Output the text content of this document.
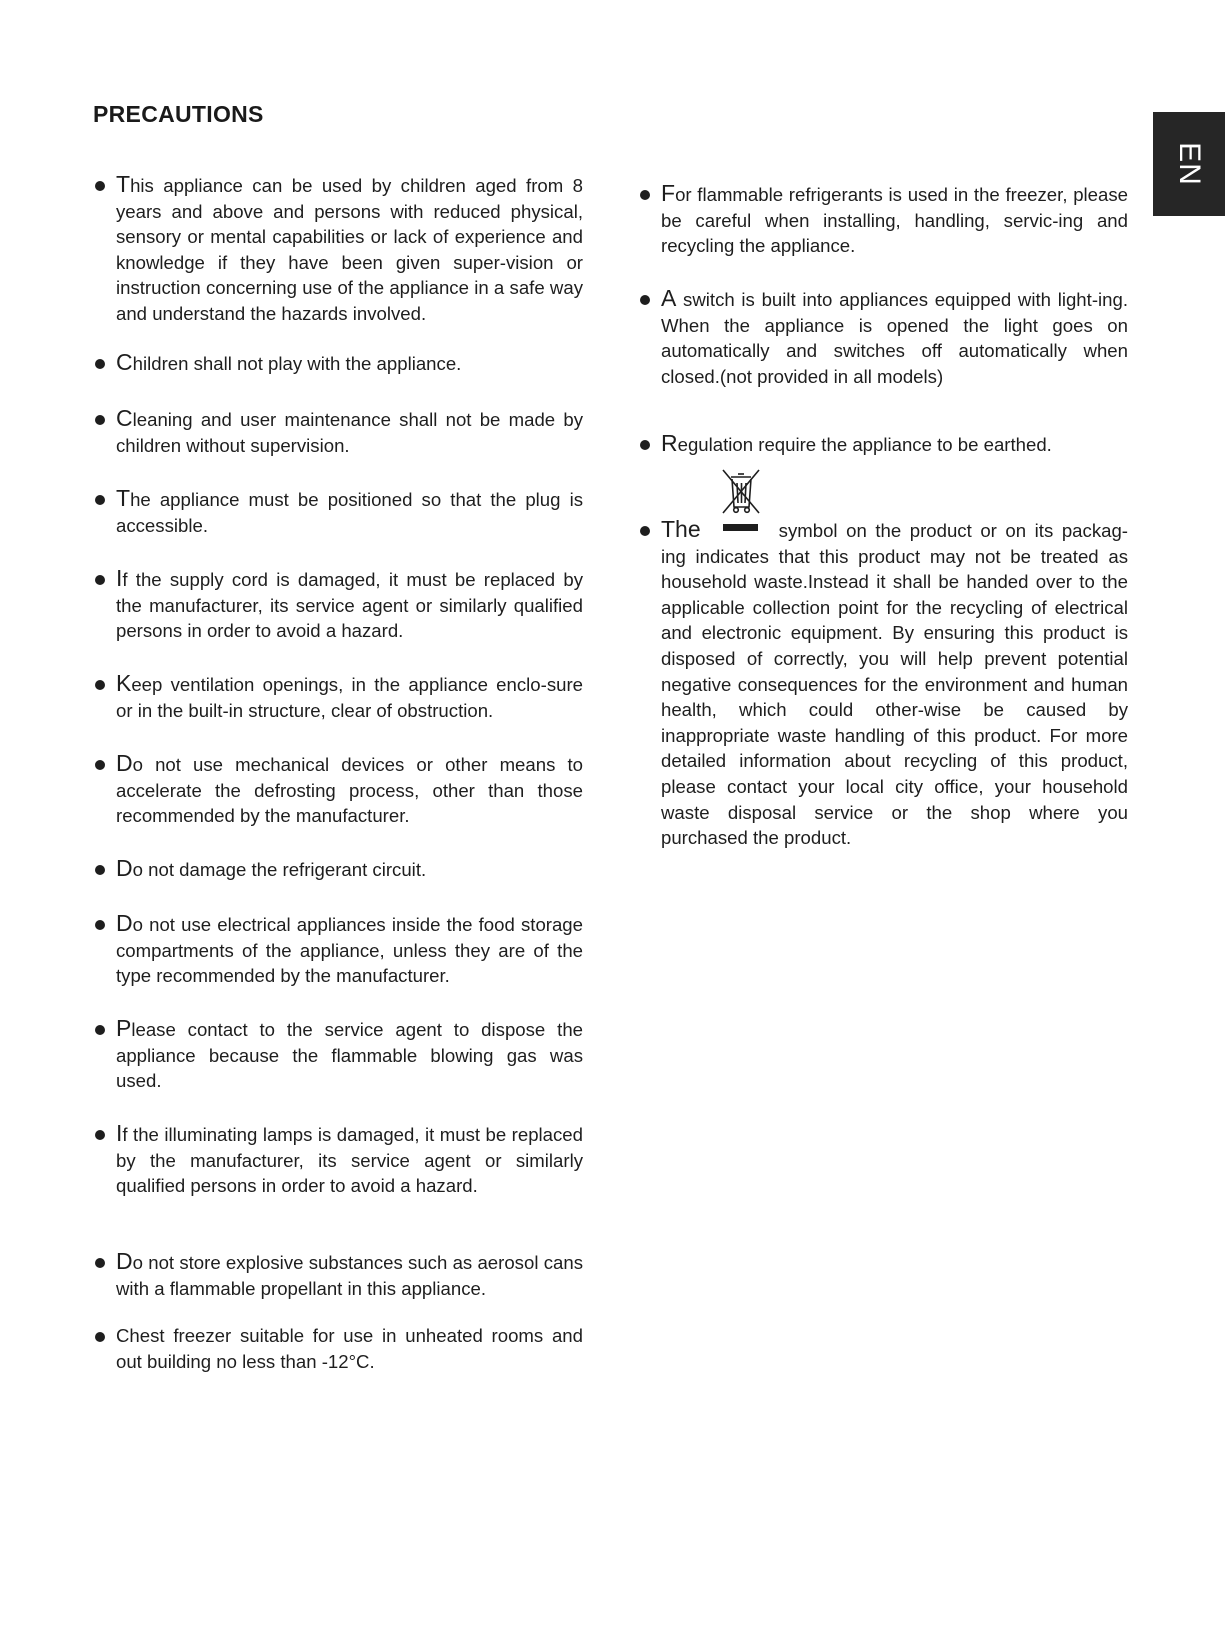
PRECAUTIONS
EN
This appliance can be used by children aged from 8 years and above and persons with reduced physical, sensory or mental capabilities or lack of experience and knowledge if they have been given super-vision or instruction concerning use of the appliance in a safe way and understand the hazards involved.
Children shall not play with the appliance.
Cleaning and user maintenance shall not be made by children without supervision.
The appliance must be positioned so that the plug is accessible.
If the supply cord is damaged, it must be replaced by the manufacturer, its service agent or similarly qualified persons in order to avoid a hazard.
Keep ventilation openings, in the appliance enclo-sure or in the built-in structure, clear of obstruction.
Do not use mechanical devices or other means to accelerate the defrosting process, other than those recommended by the manufacturer.
Do not damage the refrigerant circuit.
Do not use electrical appliances inside the food storage compartments of the appliance, unless they are of the type recommended by the manufacturer.
Please contact to the service agent to dispose the appliance because the flammable blowing gas was used.
If the illuminating lamps is damaged, it must be replaced by the manufacturer, its service agent or similarly qualified persons in order to avoid a hazard.
Do not store explosive substances such as aerosol cans with a flammable propellant in this appliance.
Chest freezer suitable for use in unheated rooms and out building no less than -12°C.
For flammable refrigerants is used in the freezer, please be careful when installing, handling, servic-ing and recycling the appliance.
A switch is built into appliances equipped with light-ing. When the appliance is opened the light goes on automatically and switches off automatically when closed.(not provided in all models)
Regulation require the appliance to be earthed.
The	symbol on the product or on its packag-ing indicates that this product may not be treated as household waste.Instead it shall be handed over to the applicable collection point for the recycling of electrical and electronic equipment. By ensuring this product is disposed of correctly, you will help prevent potential negative consequences for the environment and human health, which could other-wise be caused by inappropriate waste handling of this product. For more detailed information about recycling of this product, please contact your local city office, your household waste disposal service or the shop where you purchased the product.
